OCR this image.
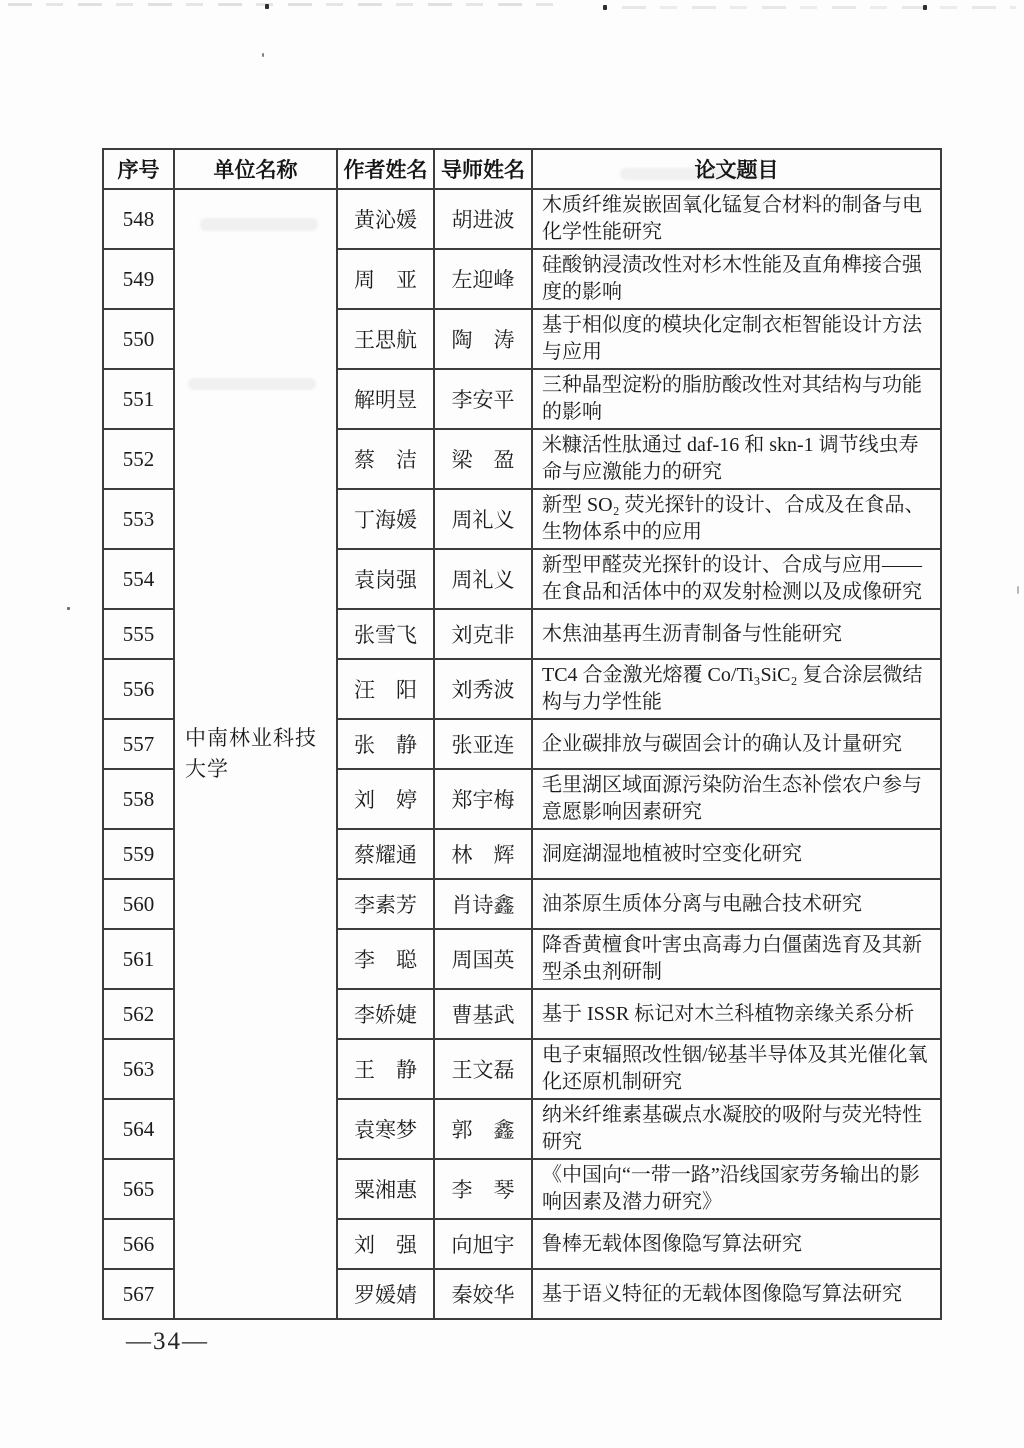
序号	单位名称	作者姓名	导师姓名	论文题目
548	中南林业科技大学	黄沁媛	胡进波	木质纤维炭嵌固氧化锰复合材料的制备与电化学性能研究
549		周　亚	左迎峰	硅酸钠浸渍改性对杉木性能及直角榫接合强度的影响
550		王思航	陶　涛	基于相似度的模块化定制衣柜智能设计方法与应用
551		解明昱	李安平	三种晶型淀粉的脂肪酸改性对其结构与功能的影响
552		蔡　洁	梁　盈	米糠活性肽通过 daf-16 和 skn-1 调节线虫寿命与应激能力的研究
553		丁海媛	周礼义	新型 SO₂ 荧光探针的设计、合成及在食品、生物体系中的应用
554		袁岗强	周礼义	新型甲醛荧光探针的设计、合成与应用——在食品和活体中的双发射检测以及成像研究
555		张雪飞	刘克非	木焦油基再生沥青制备与性能研究
556		汪　阳	刘秀波	TC4 合金激光熔覆 Co/Ti₃SiC₂ 复合涂层微结构与力学性能
557		张　静	张亚连	企业碳排放与碳固会计的确认及计量研究
558		刘　婷	郑宇梅	毛里湖区域面源污染防治生态补偿农户参与意愿影响因素研究
559		蔡耀通	林　辉	洞庭湖湿地植被时空变化研究
560		李素芳	肖诗鑫	油茶原生质体分离与电融合技术研究
561		李　聪	周国英	降香黄檀食叶害虫高毒力白僵菌选育及其新型杀虫剂研制
562		李娇婕	曹基武	基于 ISSR 标记对木兰科植物亲缘关系分析
563		王　静	王文磊	电子束辐照改性铟/铋基半导体及其光催化氧化还原机制研究
564		袁寒梦	郭　鑫	纳米纤维素基碳点水凝胶的吸附与荧光特性研究
565		粟湘惠	李　琴	《中国向“一带一路”沿线国家劳务输出的影响因素及潜力研究》
566		刘　强	向旭宇	鲁棒无载体图像隐写算法研究
567		罗媛婧	秦姣华	基于语义特征的无载体图像隐写算法研究
—34—
